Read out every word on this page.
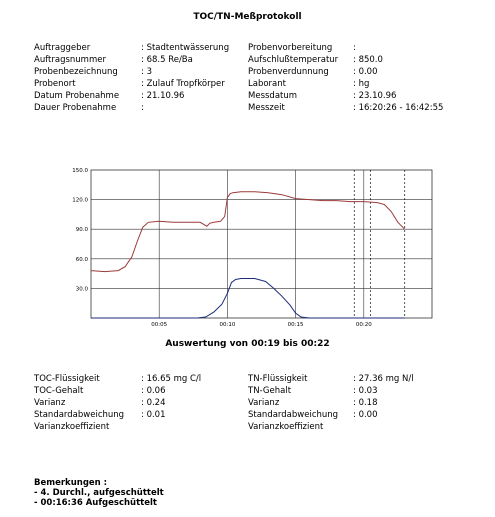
TOC/TN-Meßprotokoll
Auftraggeber	: Stadtentwässerung Probenvorbereitung :
Auftragsnummer	: 68.5 Re/Ba	Aufschlußtemperatur : 850.0
Probenbezeichnung	: 3	Probenverdunnung	: 0.00
Probenort	: Zulauf Tropfkörper	Laborant	: hg
Datum Probenahme	: 21.10.96	Messdatum	: 23.10.96
Dauer Probenahme	:	Messzeit	: 16:20:26 - 16:42:55
150.0
120.0
90.0
60.0
30.0
00:05	00:10	00:15	00:20
Auswertung von 00:19 bis 00:22
TOC-Flüssigkeit	: 16.65 mg C/l	TN-Flüssigkeit	: 27.36 mg N/l
TOC-Gehalt	: 0.06	TN-Gehalt	: 0.03
Varianz	: 0.24	Varianz	: 0.18
Standardabweichung : 0.01	Standardabweichung : 0.00
Varianzkoeffizient	Varianzkoeffizient
Bemerkungen :
- 4. Durchl., aufgeschüttelt
- 00:16:36 Aufgeschüttelt
